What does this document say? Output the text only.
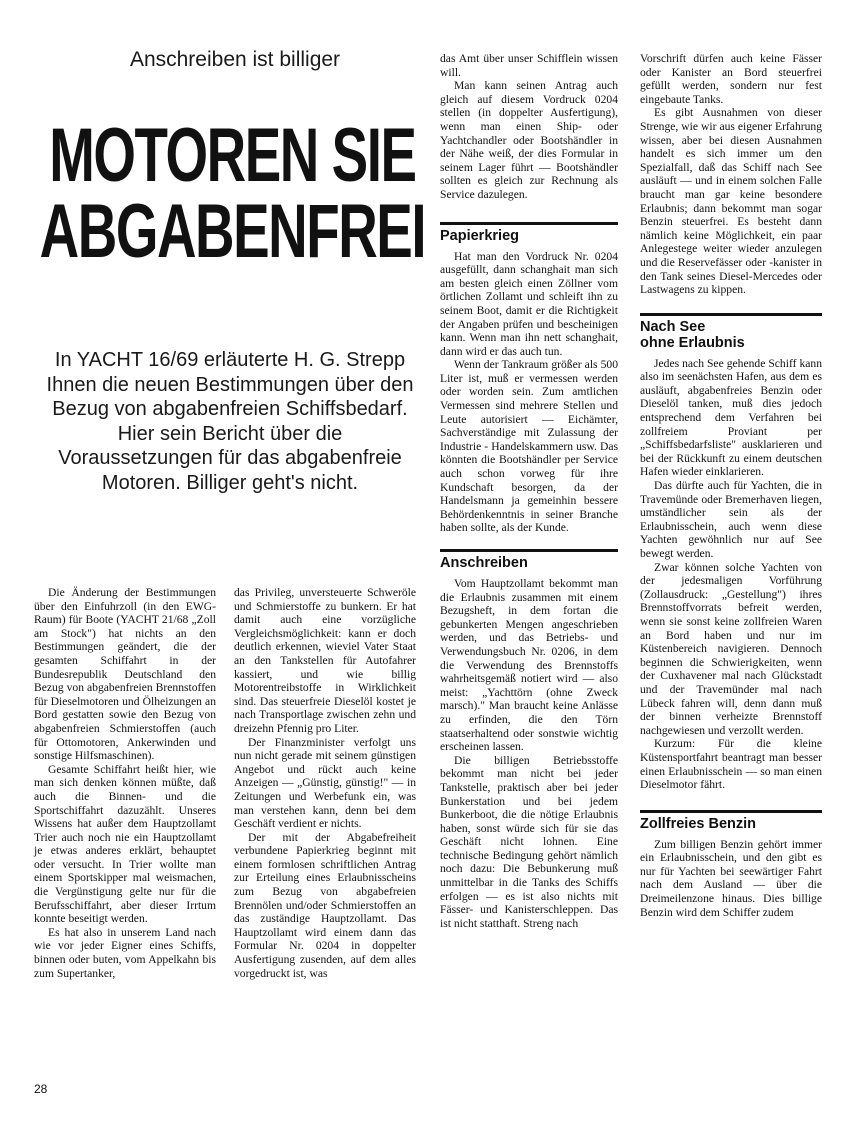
Anschreiben ist billiger
MOTOREN SIE
ABGABENFREI
In YACHT 16/69 erläuterte H. G. Strepp Ihnen die neuen Bestimmungen über den Bezug von abgabenfreien Schiffsbedarf. Hier sein Bericht über die Voraussetzungen für das abgabenfreie Motoren. Billiger geht's nicht.

Die Änderung der Bestimmungen über den Einfuhrzoll (in den EWG-Raum) für Boote (YACHT 21/68 „Zoll am Stock") hat nichts an den Bestimmungen geändert, die der gesamten Schiffahrt in der Bundesrepublik Deutschland den Bezug von abgabenfreien Brennstoffen für Dieselmotoren und Ölheizungen an Bord gestatten sowie den Bezug von abgabenfreien Schmierstoffen (auch für Ottomotoren, Ankerwinden und sonstige Hilfsmaschinen).

Gesamte Schiffahrt heißt hier, wie man sich denken können müßte, daß auch die Binnen- und die Sportschiffahrt dazuzählt. Unseres Wissens hat außer dem Hauptzollamt Trier auch noch nie ein Hauptzollamt je etwas anderes erklärt, behauptet oder versucht. In Trier wollte man einem Sportskipper mal weismachen, die Vergünstigung gelte nur für die Berufsschiffahrt, aber dieser Irrtum konnte beseitigt werden.

Es hat also in unserem Land nach wie vor jeder Eigner eines Schiffs, binnen oder buten, vom Appelkahn bis zum Supertanker,

das Privileg, unversteuerte Schweröle und Schmierstoffe zu bunkern. Er hat damit auch eine vorzügliche Vergleichsmöglichkeit: kann er doch deutlich erkennen, wieviel Vater Staat an den Tankstellen für Autofahrer kassiert, und wie billig Motorentreibstoffe in Wirklichkeit sind. Das steuerfreie Dieselöl kostet je nach Transportlage zwischen zehn und dreizehn Pfennig pro Liter.

Der Finanzminister verfolgt uns nun nicht gerade mit seinem günstigen Angebot und rückt auch keine Anzeigen — „Günstig, günstig!" — in Zeitungen und Werbefunk ein, was man verstehen kann, denn bei dem Geschäft verdient er nichts.

Der mit der Abgabefreiheit verbundene Papierkrieg beginnt mit einem formlosen schriftlichen Antrag zur Erteilung eines Erlaubnisscheins zum Bezug von abgabefreien Brennölen und/oder Schmierstoffen an das zuständige Hauptzollamt. Das Hauptzollamt wird einem dann das Formular Nr. 0204 in doppelter Ausfertigung zusenden, auf dem alles vorgedruckt ist, was

das Amt über unser Schifflein wissen will.

Man kann seinen Antrag auch gleich auf diesem Vordruck 0204 stellen (in doppelter Ausfertigung), wenn man einen Ship- oder Yachtchandler oder Bootshändler in der Nähe weiß, der dies Formular in seinem Lager führt — Bootshändler sollten es gleich zur Rechnung als Service dazulegen.

Papierkrieg

Hat man den Vordruck Nr. 0204 ausgefüllt, dann schanghait man sich am besten gleich einen Zöllner vom örtlichen Zollamt und schleift ihn zu seinem Boot, damit er die Richtigkeit der Angaben prüfen und bescheinigen kann. Wenn man ihn nett schanghait, dann wird er das auch tun.

Wenn der Tankraum größer als 500 Liter ist, muß er vermessen werden oder worden sein. Zum amtlichen Vermessen sind mehrere Stellen und Leute autorisiert — Eichämter, Sachverständige mit Zulassung der Industrie - Handelskammern usw. Das könnten die Bootshändler per Service auch schon vorweg für ihre Kundschaft besorgen, da der Handelsmann ja gemeinhin bessere Behördenkenntnis in seiner Branche haben sollte, als der Kunde.

Anschreiben

Vom Hauptzollamt bekommt man die Erlaubnis zusammen mit einem Bezugsheft, in dem fortan die gebunkerten Mengen angeschrieben werden, und das Betriebs- und Verwendungsbuch Nr. 0206, in dem die Verwendung des Brennstoffs wahrheitsgemäß notiert wird — also meist: „Yachttörn (ohne Zweck marsch)." Man braucht keine Anlässe zu erfinden, die den Törn staatserhaltend oder sonstwie wichtig erscheinen lassen.

Die billigen Betriebsstoffe bekommt man nicht bei jeder Tankstelle, praktisch aber bei jeder Bunkerstation und bei jedem Bunkerboot, die die nötige Erlaubnis haben, sonst würde sich für sie das Geschäft nicht lohnen. Eine technische Bedingung gehört nämlich noch dazu: Die Bebunkerung muß unmittelbar in die Tanks des Schiffs erfolgen — es ist also nichts mit Fässer- und Kanisterschleppen. Das ist nicht statthaft. Streng nach

Vorschrift dürfen auch keine Fässer oder Kanister an Bord steuerfrei gefüllt werden, sondern nur fest eingebaute Tanks.

Es gibt Ausnahmen von dieser Strenge, wie wir aus eigener Erfahrung wissen, aber bei diesen Ausnahmen handelt es sich immer um den Spezialfall, daß das Schiff nach See ausläuft — und in einem solchen Falle braucht man gar keine besondere Erlaubnis; dann bekommt man sogar Benzin steuerfrei. Es besteht dann nämlich keine Möglichkeit, ein paar Anlegestege weiter wieder anzulegen und die Reservefässer oder -kanister in den Tank seines Diesel-Mercedes oder Lastwagens zu kippen.

Nach See
ohne Erlaubnis

Jedes nach See gehende Schiff kann also im seenächsten Hafen, aus dem es ausläuft, abgabenfreies Benzin oder Dieselöl tanken, muß dies jedoch entsprechend dem Verfahren bei zollfreiem Proviant per „Schiffsbedarfsliste" ausklarieren und bei der Rückkunft zu einem deutschen Hafen wieder einklarieren.

Das dürfte auch für Yachten, die in Travemünde oder Bremerhaven liegen, umständlicher sein als der Erlaubnisschein, auch wenn diese Yachten gewöhnlich nur auf See bewegt werden.

Zwar können solche Yachten von der jedesmaligen Vorführung (Zollausdruck: „Gestellung") ihres Brennstoffvorrats befreit werden, wenn sie sonst keine zollfreien Waren an Bord haben und nur im Küstenbereich navigieren. Dennoch beginnen die Schwierigkeiten, wenn der Cuxhavener mal nach Glückstadt und der Travemünder mal nach Lübeck fahren will, denn dann muß der binnen verheizte Brennstoff nachgewiesen und verzollt werden.

Kurzum: Für die kleine Küstensportfahrt beantragt man besser einen Erlaubnisschein — so man einen Dieselmotor fährt.

Zollfreies Benzin

Zum billigen Benzin gehört immer ein Erlaubnisschein, und den gibt es nur für Yachten bei seewärtiger Fahrt nach dem Ausland — über die Dreimeilenzone hinaus. Dies billige Benzin wird dem Schiffer zudem

28
